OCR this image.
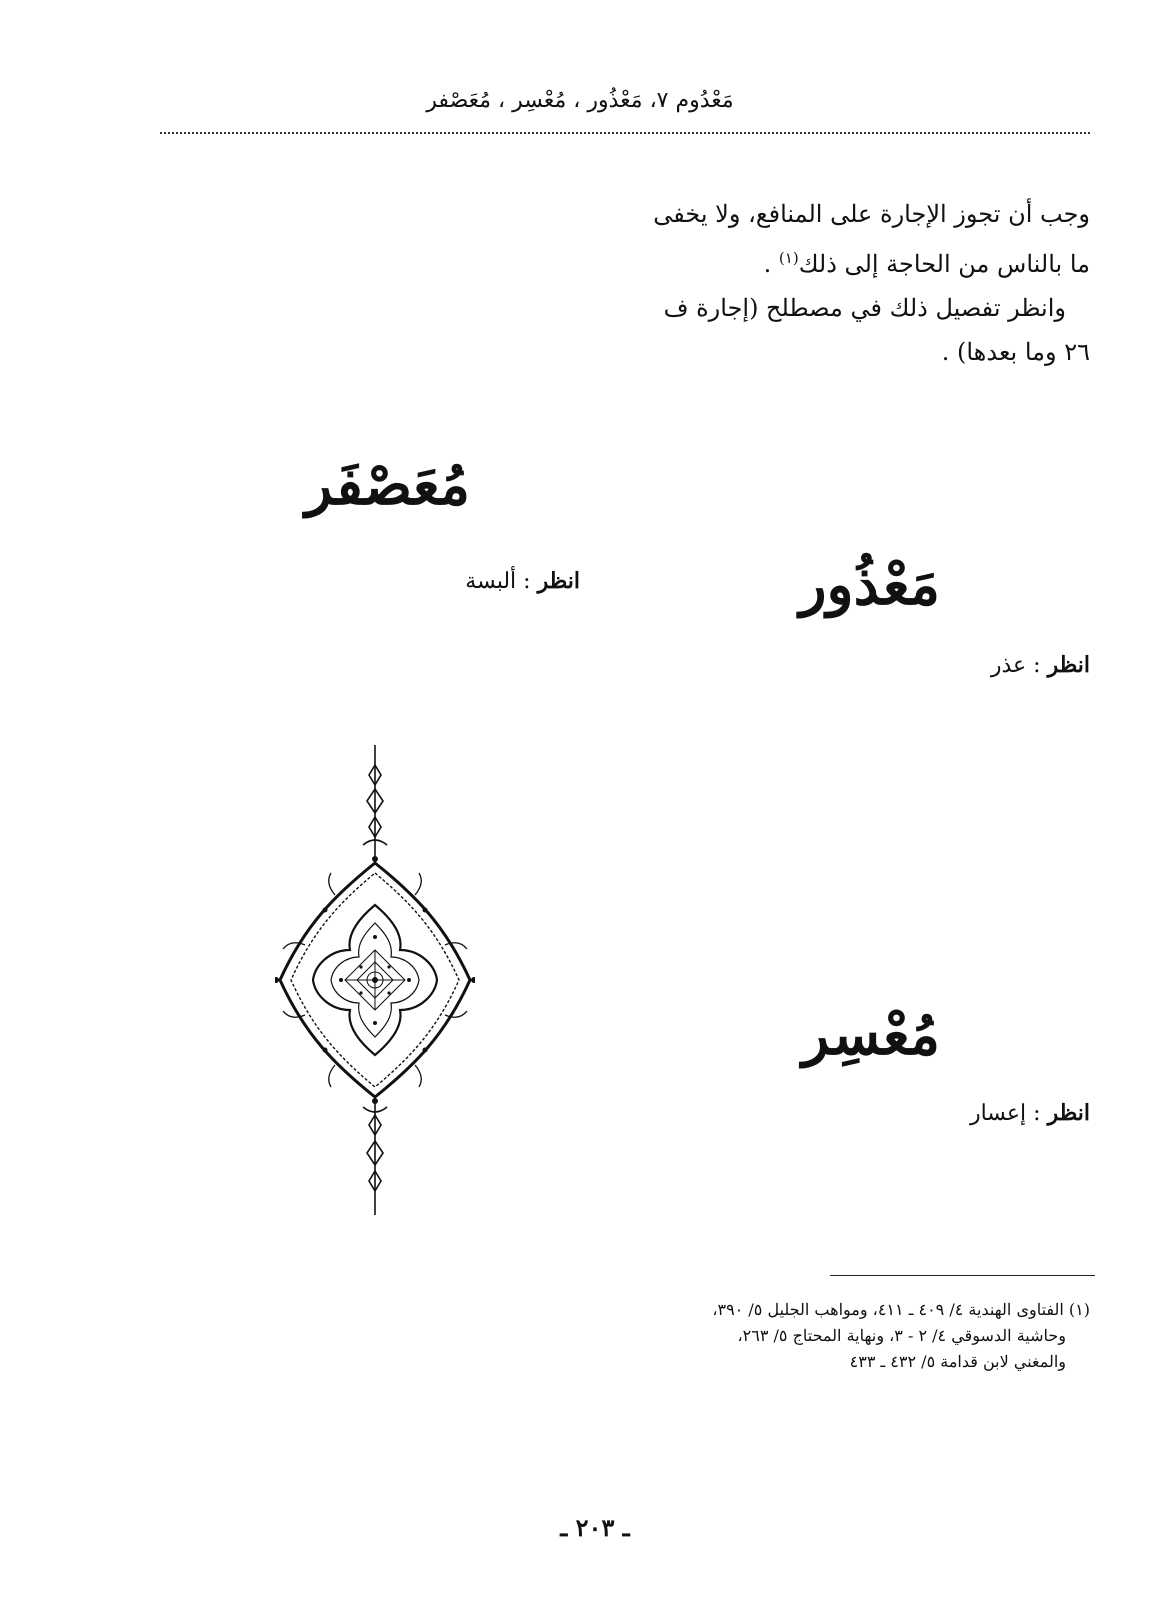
مَعْدُوم ٧، مَعْذُور ، مُعْسِر ، مُعَصْفر

وجب أن تجوز الإجارة على المنافع، ولا يخفى
ما بالناس من الحاجة إلى ذلك$^{(١)}$ .
وانظر تفصيل ذلك في مصطلح (إجارة ف
٢٦ وما بعدها) .

مُعَصْفَر
انظر : ألبسة	مَعْذُور
انظر : عذر
مُعْسِر
انظر : إعسار
(١) الفتاوى الهندية ٤/ ٤٠٩ ـ ٤١١، ومواهب الجليل ٥/ ٣٩٠،
وحاشية الدسوقي ٤/ ٢ - ٣، ونهاية المحتاج ٥/ ٢٦٣،
والمغني لابن قدامة ٥/ ٤٣٢ ـ ٤٣٣
ـ ٢٠٣ ـ
